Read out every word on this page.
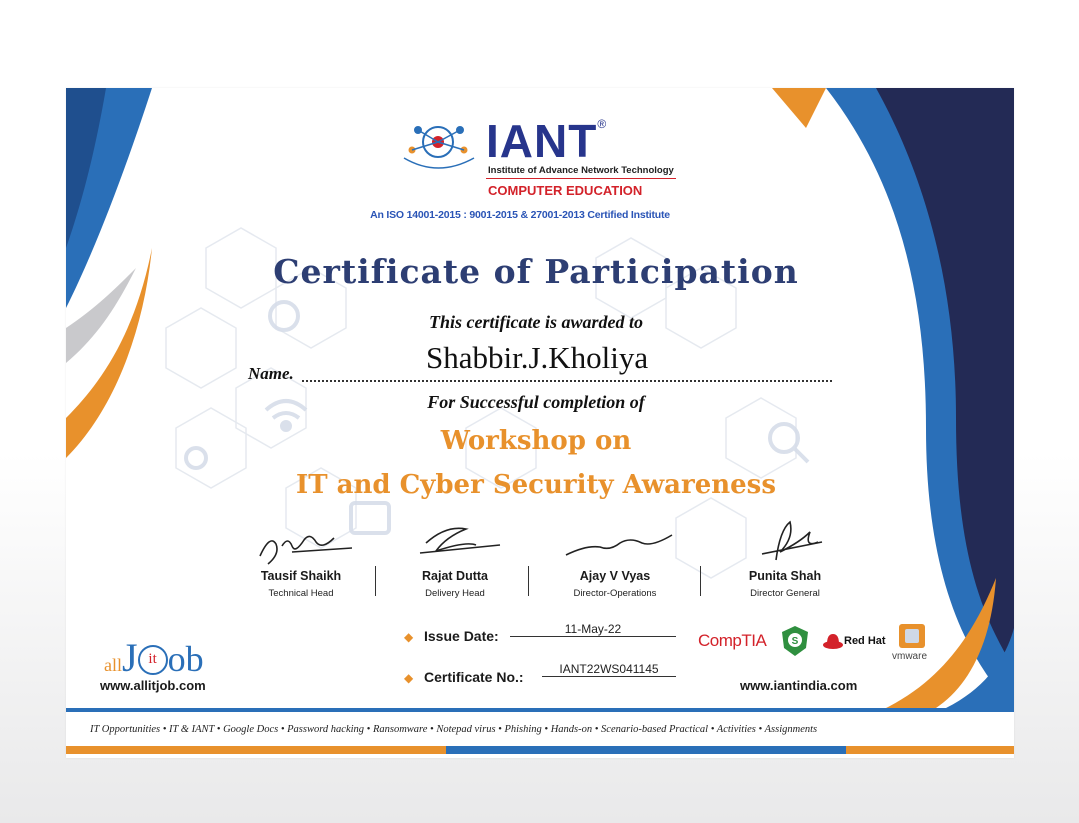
IANT®
Institute of Advance Network Technology
COMPUTER EDUCATION
An ISO 14001-2015 : 9001-2015 & 27001-2013 Certified Institute
Certificate of Participation
This certificate is awarded to
Name.	Shabbir.J.Kholiya
For Successful completion of
Workshop on
IT and Cyber Security Awareness
Tausif Shaikh
Technical Head
Rajat Dutta
Delivery Head
Ajay V Vyas
Director-Operations
Punita Shah
Director General
allJ it ob
www.allitjob.com
◆ Issue Date:	11-May-22
◆ Certificate No.:	IANT22WS041145
CompTIA	S	Red Hat
vmware
www.iantindia.com
IT Opportunities • IT & IANT • Google Docs • Password hacking • Ransomware • Notepad virus • Phishing • Hands-on • Scenario-based Practical • Activities • Assignments
